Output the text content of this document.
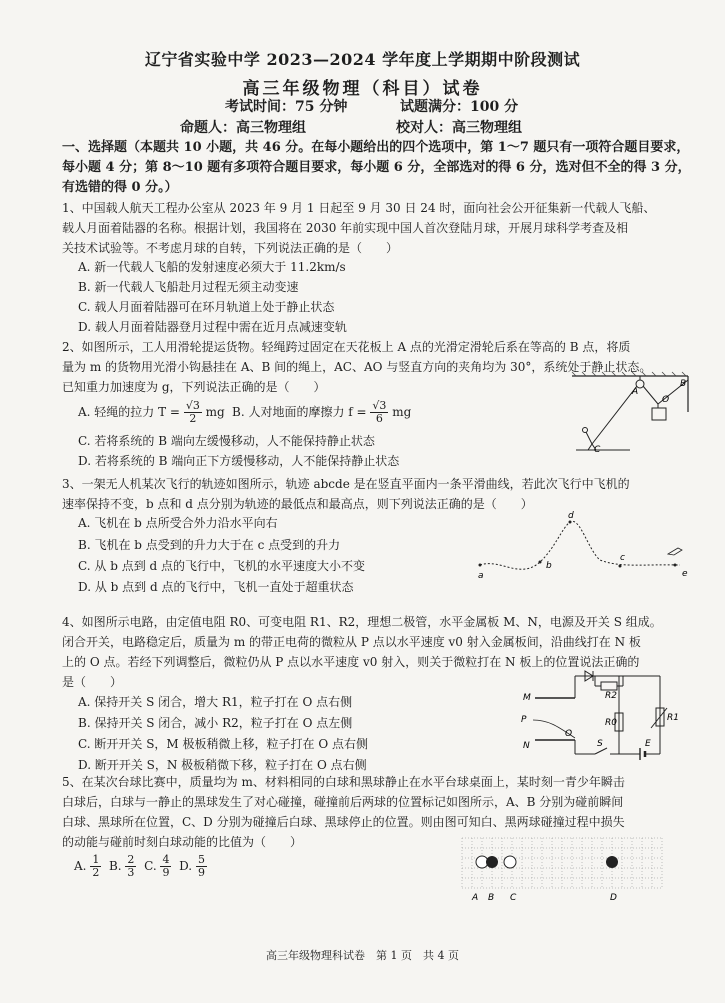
辽宁省实验中学 2023—2024 学年度上学期期中阶段测试
高三年级物理（科目）试卷
考试时间：75 分钟	试题满分：100 分
命题人：高三物理组	校对人：高三物理组
一、选择题（本题共 10 小题，共 46 分。在每小题给出的四个选项中，第 1～7 题只有一项符合题目要求，
每小题 4 分；第 8～10 题有多项符合题目要求，每小题 6 分，全部选对的得 6 分，选对但不全的得 3 分，
有选错的得 0 分。）
1、中国载人航天工程办公室从 2023 年 9 月 1 日起至 9 月 30 日 24 时，面向社会公开征集新一代载人飞船、
载人月面着陆器的名称。根据计划，我国将在 2030 年前实现中国人首次登陆月球，开展月球科学考查及相
关技术试验等。不考虑月球的自转，下列说法正确的是（　　）
A. 新一代载人飞船的发射速度必须大于 11.2km/s
B. 新一代载人飞船赴月过程无须主动变速
C. 载人月面着陆器可在环月轨道上处于静止状态
D. 载人月面着陆器登月过程中需在近月点减速变轨
2、如图所示，工人用滑轮提运货物。轻绳跨过固定在天花板上 A 点的光滑定滑轮后系在等高的 B 点，将质
量为 m 的货物用光滑小钩悬挂在 A、B 间的绳上，AC、AO 与竖直方向的夹角均为 30°，系统处于静止状态。
已知重力加速度为 g，下列说法正确的是（　　）
A. 轻绳的拉力 $T = \frac{√3}{2}$ mg B. 人对地面的摩擦力 $f = \frac{√3}{6}$ mg
C. 若将系统的 B 端向左缓慢移动，人不能保持静止状态
D. 若将系统的 B 端向正下方缓慢移动，人不能保持静止状态
A
B
C
O
3、一架无人机某次飞行的轨迹如图所示，轨迹 abcde 是在竖直平面内一条平滑曲线，若此次飞行中飞机的
速率保持不变，b 点和 d 点分别为轨迹的最低点和最高点，则下列说法正确的是（　　）
A. 飞机在 b 点所受合外力沿水平向右
B. 飞机在 b 点受到的升力大于在 c 点受到的升力
C. 从 b 点到 d 点的飞行中，飞机的水平速度大小不变
D. 从 b 点到 d 点的飞行中，飞机一直处于超重状态
a
b
c
d
e
4、如图所示电路，由定值电阻 R0、可变电阻 R1、R2，理想二极管，水平金属板 M、N，电源及开关 S 组成。
闭合开关，电路稳定后，质量为 m 的带正电荷的微粒从 P 点以水平速度 v0 射入金属板间，沿曲线打在 N 板
上的 O 点。若经下列调整后，微粒仍从 P 点以水平速度 v0 射入，则关于微粒打在 N 板上的位置说法正确的
是（　　）
A. 保持开关 S 闭合，增大 R1，粒子打在 O 点右侧
B. 保持开关 S 闭合，减小 R2，粒子打在 O 点左侧
C. 断开开关 S，M 极板稍微上移，粒子打在 O 点右侧
D. 断开开关 S，N 极板稍微下移，粒子打在 O 点右侧
M
N
P
O
R0	R1
R2
S	E
5、在某次台球比赛中，质量均为 m、材料相同的白球和黑球静止在水平台球桌面上，某时刻一青少年瞬击
白球后，白球与一静止的黑球发生了对心碰撞，碰撞前后两球的位置标记如图所示，A、B 分别为碰前瞬间
白球、黑球所在位置，C、D 分别为碰撞后白球、黑球停止的位置。则由图可知白、黑两球碰撞过程中损失
的动能与碰前时刻白球动能的比值为（　　）
A. $\frac{1}{2} B$. $\frac{2}{3} C$. $\frac{4}{9} D$. $\frac{5}{9}$
A B C	D
高三年级物理科试卷　第 1 页　共 4 页
